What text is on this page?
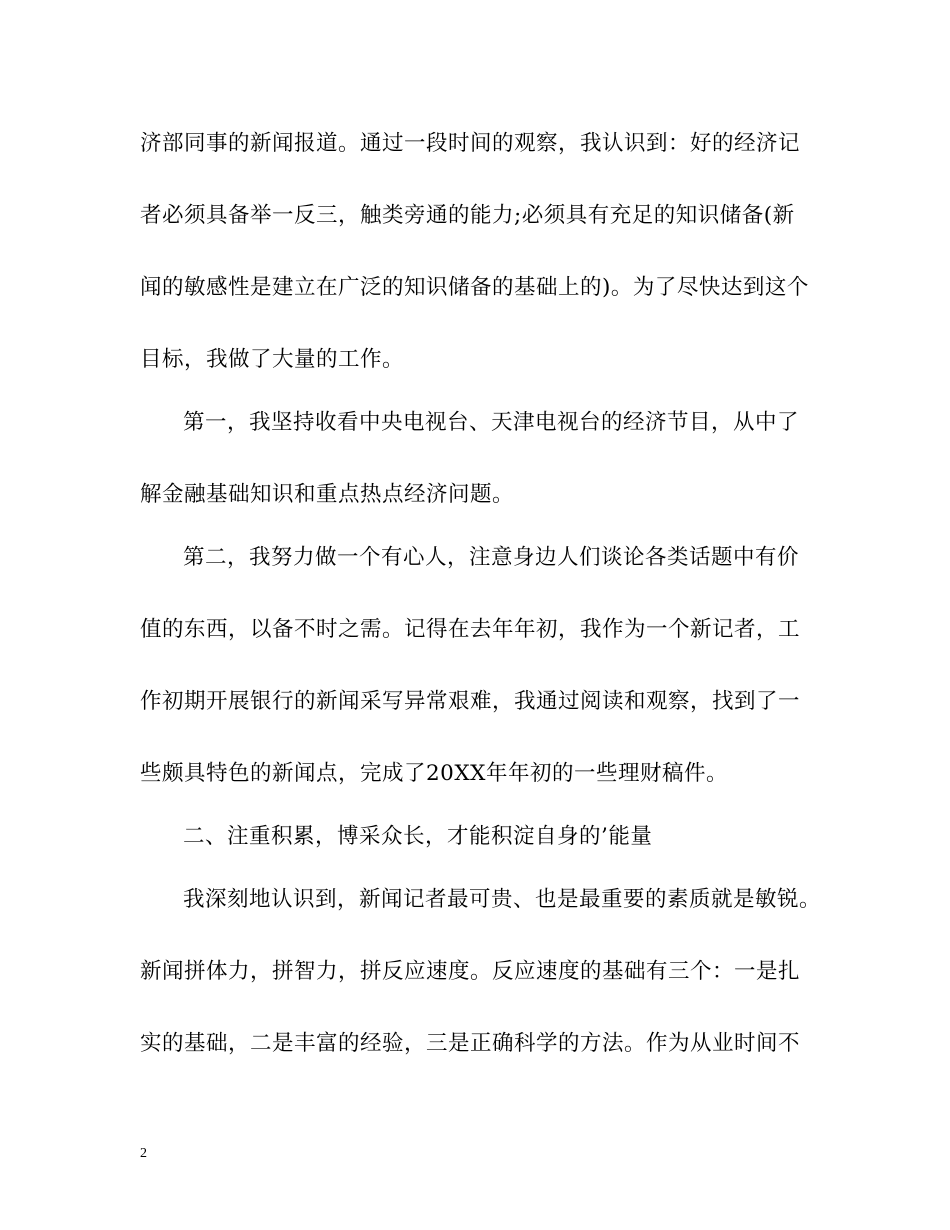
济部同事的新闻报道。通过一段时间的观察，我认识到：好的经济记
者必须具备举一反三，触类旁通的能力;必须具有充足的知识储备(新
闻的敏感性是建立在广泛的知识储备的基础上的)。为了尽快达到这个
目标，我做了大量的工作。
第一，我坚持收看中央电视台、天津电视台的经济节目，从中了
解金融基础知识和重点热点经济问题。
第二，我努力做一个有心人，注意身边人们谈论各类话题中有价
值的东西，以备不时之需。记得在去年年初，我作为一个新记者，工
作初期开展银行的新闻采写异常艰难，我通过阅读和观察，找到了一
些颇具特色的新闻点，完成了20XX年年初的一些理财稿件。
二、注重积累，博采众长，才能积淀自身的’能量
我深刻地认识到，新闻记者最可贵、也是最重要的素质就是敏锐。
新闻拼体力，拼智力，拼反应速度。反应速度的基础有三个：一是扎
实的基础，二是丰富的经验，三是正确科学的方法。作为从业时间不
2
